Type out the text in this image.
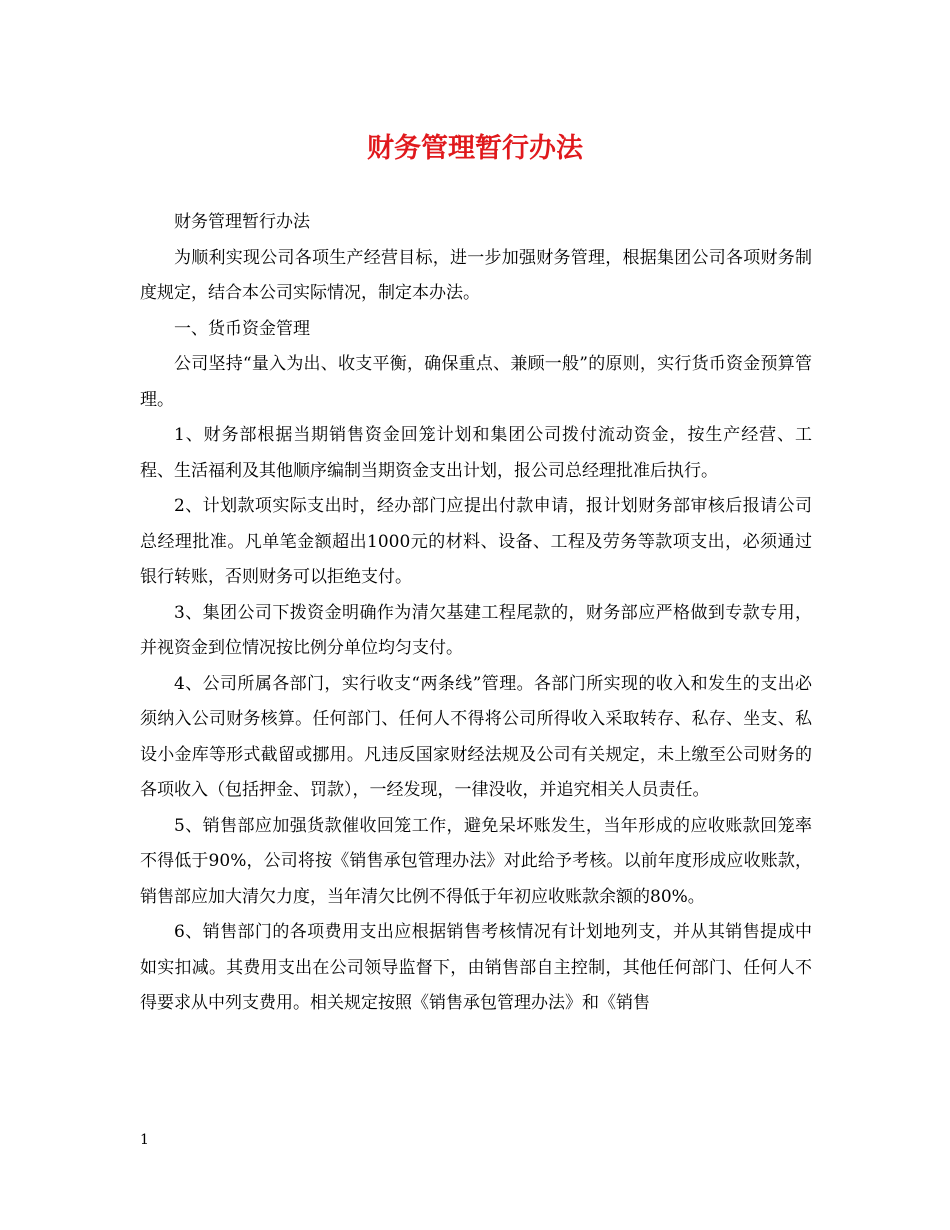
财务管理暂行办法

财务管理暂行办法

为顺利实现公司各项生产经营目标，进一步加强财务管理，根据集团公司各项财务制度规定，结合本公司实际情况，制定本办法。

一、货币资金管理

公司坚持“量入为出、收支平衡，确保重点、兼顾一般”的原则，实行货币资金预算管理。

1、财务部根据当期销售资金回笼计划和集团公司拨付流动资金，按生产经营、工程、生活福利及其他顺序编制当期资金支出计划，报公司总经理批准后执行。

2、计划款项实际支出时，经办部门应提出付款申请，报计划财务部审核后报请公司总经理批准。凡单笔金额超出1000元的材料、设备、工程及劳务等款项支出，必须通过银行转账，否则财务可以拒绝支付。

3、集团公司下拨资金明确作为清欠基建工程尾款的，财务部应严格做到专款专用，并视资金到位情况按比例分单位均匀支付。

4、公司所属各部门，实行收支“两条线”管理。各部门所实现的收入和发生的支出必须纳入公司财务核算。任何部门、任何人不得将公司所得收入采取转存、私存、坐支、私设小金库等形式截留或挪用。凡违反国家财经法规及公司有关规定，未上缴至公司财务的各项收入（包括押金、罚款），一经发现，一律没收，并追究相关人员责任。

5、销售部应加强货款催收回笼工作，避免呆坏账发生，当年形成的应收账款回笼率不得低于90%，公司将按《销售承包管理办法》对此给予考核。以前年度形成应收账款，销售部应加大清欠力度，当年清欠比例不得低于年初应收账款余额的80%。

6、销售部门的各项费用支出应根据销售考核情况有计划地列支，并从其销售提成中如实扣减。其费用支出在公司领导监督下，由销售部自主控制，其他任何部门、任何人不得要求从中列支费用。相关规定按照《销售承包管理办法》和《销售

1
